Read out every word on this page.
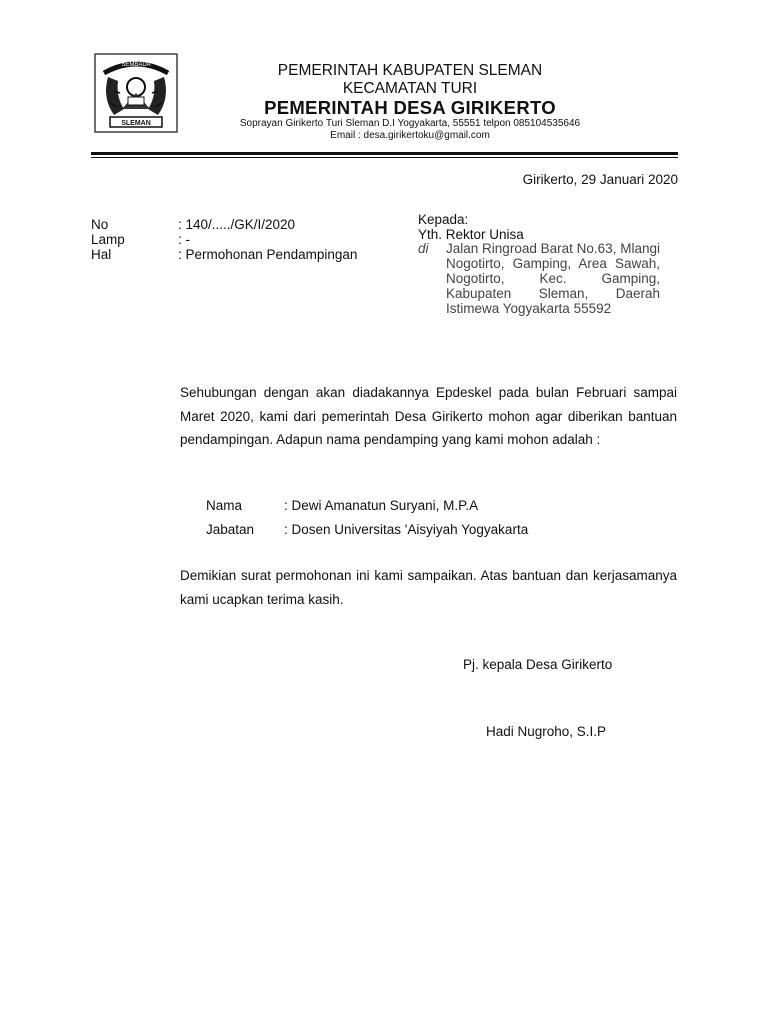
SEMBADA
SLEMAN
PEMERINTAH KABUPATEN SLEMAN
KECAMATAN TURI
PEMERINTAH DESA GIRIKERTO
Soprayan Girikerto Turi Sleman D.I Yogyakarta, 55551 telpon 085104535646
Email : desa.girikertoku@gmail.com
Girikerto, 29 Januari 2020
No	: 140/...../GK/I/2020
Lamp	: -
Hal	: Permohonan Pendampingan
Kepada:
Yth. Rektor Unisa
di Jalan Ringroad Barat No.63, Mlangi Nogotirto, Gamping, Area Sawah, Nogotirto, Kec. Gamping, Kabupaten Sleman, Daerah Istimewa Yogyakarta 55592
Sehubungan dengan akan diadakannya Epdeskel pada bulan Februari sampai Maret 2020, kami dari pemerintah Desa Girikerto mohon agar diberikan bantuan pendampingan. Adapun nama pendamping yang kami mohon adalah :
Nama	: Dewi Amanatun Suryani, M.P.A
Jabatan : Dosen Universitas 'Aisyiyah Yogyakarta
Demikian surat permohonan ini kami sampaikan. Atas bantuan dan kerjasamanya kami ucapkan terima kasih.
Pj. kepala Desa Girikerto
Hadi Nugroho, S.I.P
